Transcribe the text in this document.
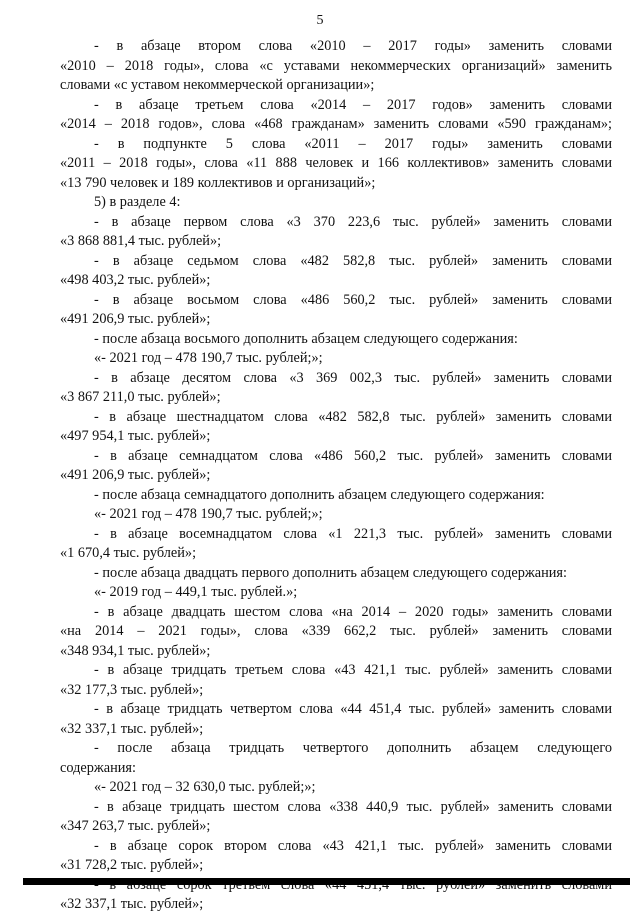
5
- в абзаце втором слова «2010 – 2017 годы» заменить словами
«2010 – 2018 годы», слова «с уставами некоммерческих организаций» заменить
словами «с уставом некоммерческой организации»;
- в абзаце третьем слова «2014 – 2017 годов» заменить словами
«2014 – 2018 годов», слова «468 гражданам» заменить словами «590 гражданам»;
- в подпункте 5 слова «2011 – 2017 годы» заменить словами
«2011 – 2018 годы», слова «11 888 человек и 166 коллективов» заменить словами
«13 790 человек и 189 коллективов и организаций»;
5) в разделе 4:
- в абзаце первом слова «3 370 223,6 тыс. рублей» заменить словами
«3 868 881,4 тыс. рублей»;
- в абзаце седьмом слова «482 582,8 тыс. рублей» заменить словами
«498 403,2 тыс. рублей»;
- в абзаце восьмом слова «486 560,2 тыс. рублей» заменить словами
«491 206,9 тыс. рублей»;
- после абзаца восьмого дополнить абзацем следующего содержания:
«- 2021 год – 478 190,7 тыс. рублей;»;
- в абзаце десятом слова «3 369 002,3 тыс. рублей» заменить словами
«3 867 211,0 тыс. рублей»;
- в абзаце шестнадцатом слова «482 582,8 тыс. рублей» заменить словами
«497 954,1 тыс. рублей»;
- в абзаце семнадцатом слова «486 560,2 тыс. рублей» заменить словами
«491 206,9 тыс. рублей»;
- после абзаца семнадцатого дополнить абзацем следующего содержания:
«- 2021 год – 478 190,7 тыс. рублей;»;
- в абзаце восемнадцатом слова «1 221,3 тыс. рублей» заменить словами
«1 670,4 тыс. рублей»;
- после абзаца двадцать первого дополнить абзацем следующего содержания:
«- 2019 год – 449,1 тыс. рублей.»;
- в абзаце двадцать шестом слова «на 2014 – 2020 годы» заменить словами
«на 2014 – 2021 годы», слова «339 662,2 тыс. рублей» заменить словами
«348 934,1 тыс. рублей»;
- в абзаце тридцать третьем слова «43 421,1 тыс. рублей» заменить словами
«32 177,3 тыс. рублей»;
- в абзаце тридцать четвертом слова «44 451,4 тыс. рублей» заменить словами
«32 337,1 тыс. рублей»;
- после абзаца тридцать четвертого дополнить абзацем следующего
содержания:
«- 2021 год – 32 630,0 тыс. рублей;»;
- в абзаце тридцать шестом слова «338 440,9 тыс. рублей» заменить словами
«347 263,7 тыс. рублей»;
- в абзаце сорок втором слова «43 421,1 тыс. рублей» заменить словами
«31 728,2 тыс. рублей»;
«32 337,1 тыс. рублей»;
